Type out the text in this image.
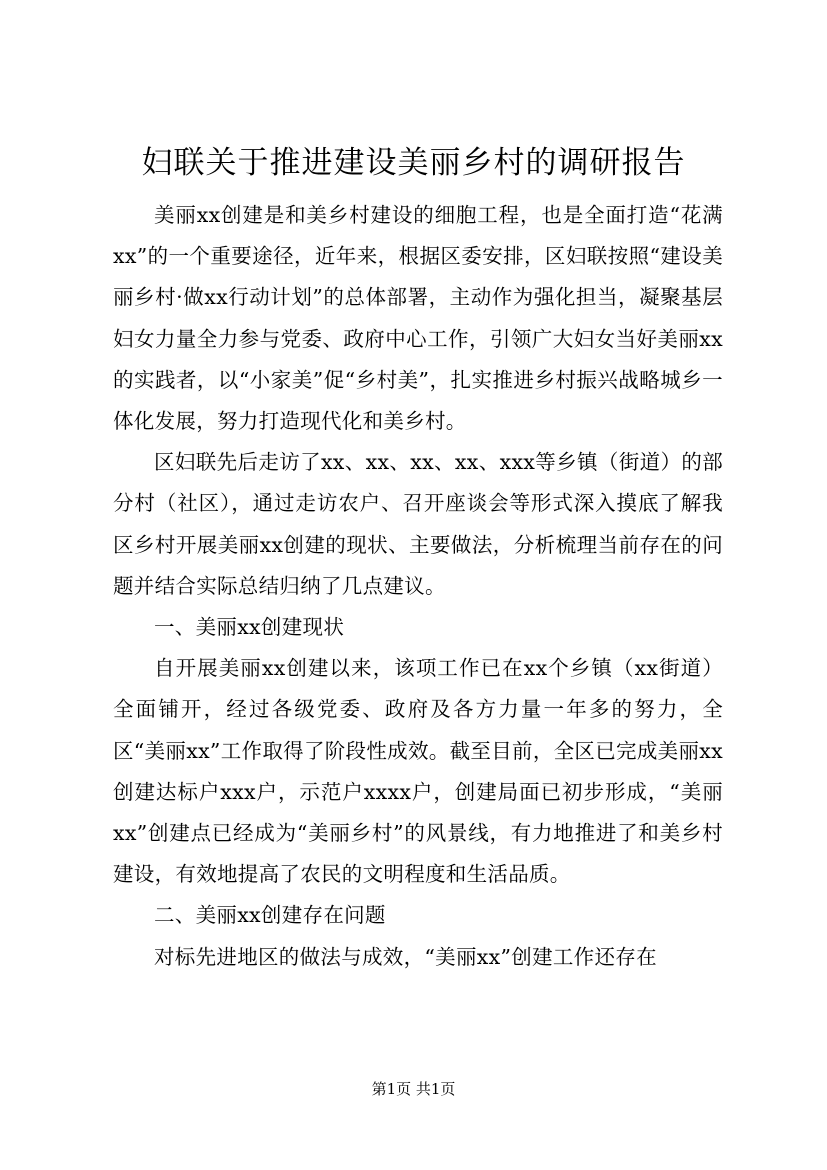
妇联关于推进建设美丽乡村的调研报告

美丽xx创建是和美乡村建设的细胞工程，也是全面打造“花满xx”的一个重要途径，近年来，根据区委安排，区妇联按照“建设美丽乡村·做xx行动计划”的总体部署，主动作为强化担当，凝聚基层妇女力量全力参与党委、政府中心工作，引领广大妇女当好美丽xx的实践者，以“小家美”促“乡村美”，扎实推进乡村振兴战略城乡一体化发展，努力打造现代化和美乡村。

区妇联先后走访了xx、xx、xx、xx、xxx等乡镇（街道）的部分村（社区），通过走访农户、召开座谈会等形式深入摸底了解我区乡村开展美丽xx创建的现状、主要做法，分析梳理当前存在的问题并结合实际总结归纳了几点建议。

一、美丽xx创建现状

自开展美丽xx创建以来，该项工作已在xx个乡镇（xx街道）全面铺开，经过各级党委、政府及各方力量一年多的努力，全区“美丽xx”工作取得了阶段性成效。截至目前，全区已完成美丽xx创建达标户xxx户，示范户xxxx户，创建局面已初步形成，“美丽xx”创建点已经成为“美丽乡村”的风景线，有力地推进了和美乡村建设，有效地提高了农民的文明程度和生活品质。

二、美丽xx创建存在问题

对标先进地区的做法与成效，“美丽xx”创建工作还存在

第1页 共1页
